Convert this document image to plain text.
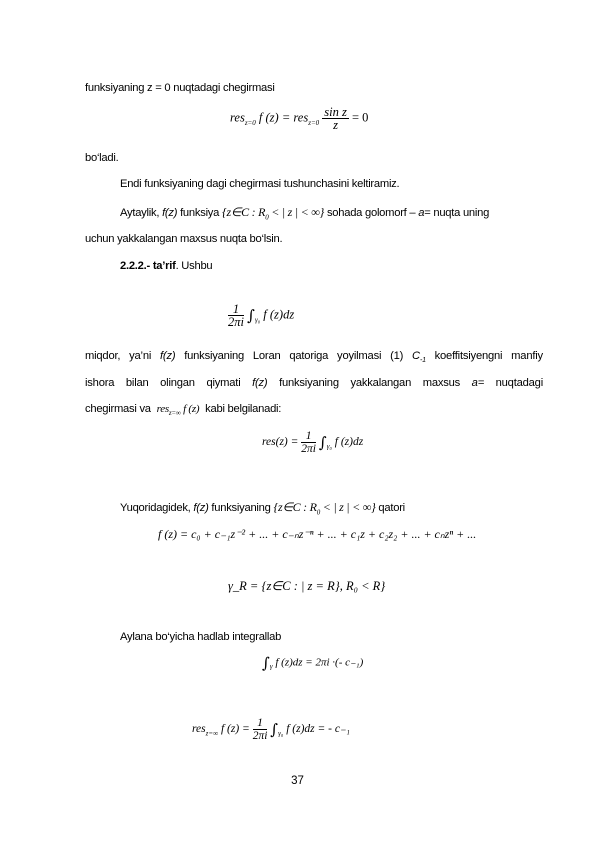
funksiyaning z = 0 nuqtadagi chegirmasi
res$_{z=0}$ f $(z) = res_{z=0} \frac{\text{sin z}}{z} = 0$
bo‘ladi.
Endi funksiyaning dagi chegirmasi tushunchasini keltiramiz.
Aytaylik, f(z) funksiya {z∈C : $R_0$ < | z | < ∞} sohada golomorf – a= nuqta uning
uchun yakkalangan maxsus nuqta bo‘lsin.
2.2.2.- ta’rif. Ushbu
$\frac{1}{2\pi i} \int_{\gamma_0}$ f (z)dz
miqdor, ya’ni f(z) funksiyaning Loran qatoriga yoyilmasi (1) $C_{-1}$ koeffitsiyengni manfiy
ishora bilan olingan qiymati f(z) funksiyaning yakkalangan maxsus a= nuqtadagi
chegirmasi va res$_{z=\infty}$ f (z) kabi belgilanadi:
$res(z) = \frac{1}{2\pi i} \int_{\gamma_0}$ f (z)dz
Yuqoridagidek, f(z) funksiyaning {z∈C : $R_0$ < | z | < ∞} qatori
f (z) = c₀ + c₋₁z⁻² + ... + c₋ₙz⁻ⁿ + ... + c₁z + c₂z₂ + ... + cₙzⁿ + ...
γ_R = {z∈C : | z = R}, R₀ < R}
Aylana bo‘yicha hadlab integrallab
$\int_\gamma$ f (z)dz = 2πi ·(- c₋₁)
res$_{z=\infty}$ f $(z) = \frac{1}{2\pi i} \int_{\gamma_0}$ f (z)dz = - c₋₁
37
